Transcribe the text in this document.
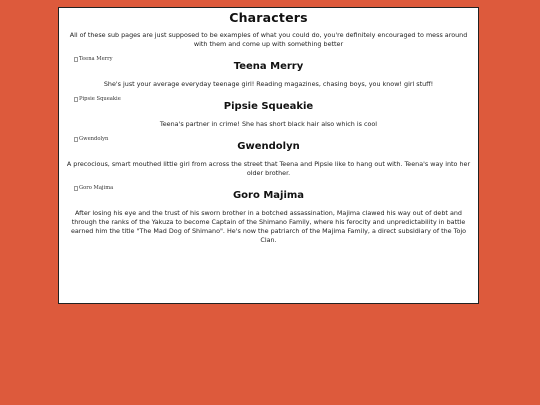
Characters

All of these sub pages are just supposed to be examples of what you could do, you're definitely encouraged to mess around with them and come up with something better

Teena Merry
Teena Merry

She's just your average everyday teenage girl! Reading magazines, chasing boys, you know! girl stuff!

Pipsie Squeakie
Pipsie Squeakie

Teena's partner in crime! She has short black hair also which is cool

Gwendolyn
Gwendolyn

A precocious, smart mouthed little girl from across the street that Teena and Pipsie like to hang out with. Teena's way into her older brother.

Goro Majima
Goro Majima

After losing his eye and the trust of his sworn brother in a botched assassination, Majima clawed his way out of debt and through the ranks of the Yakuza to become Captain of the Shimano Family, where his ferocity and unpredictability in battle earned him the title "The Mad Dog of Shimano". He's now the patriarch of the Majima Family, a direct subsidiary of the Tojo Clan.
